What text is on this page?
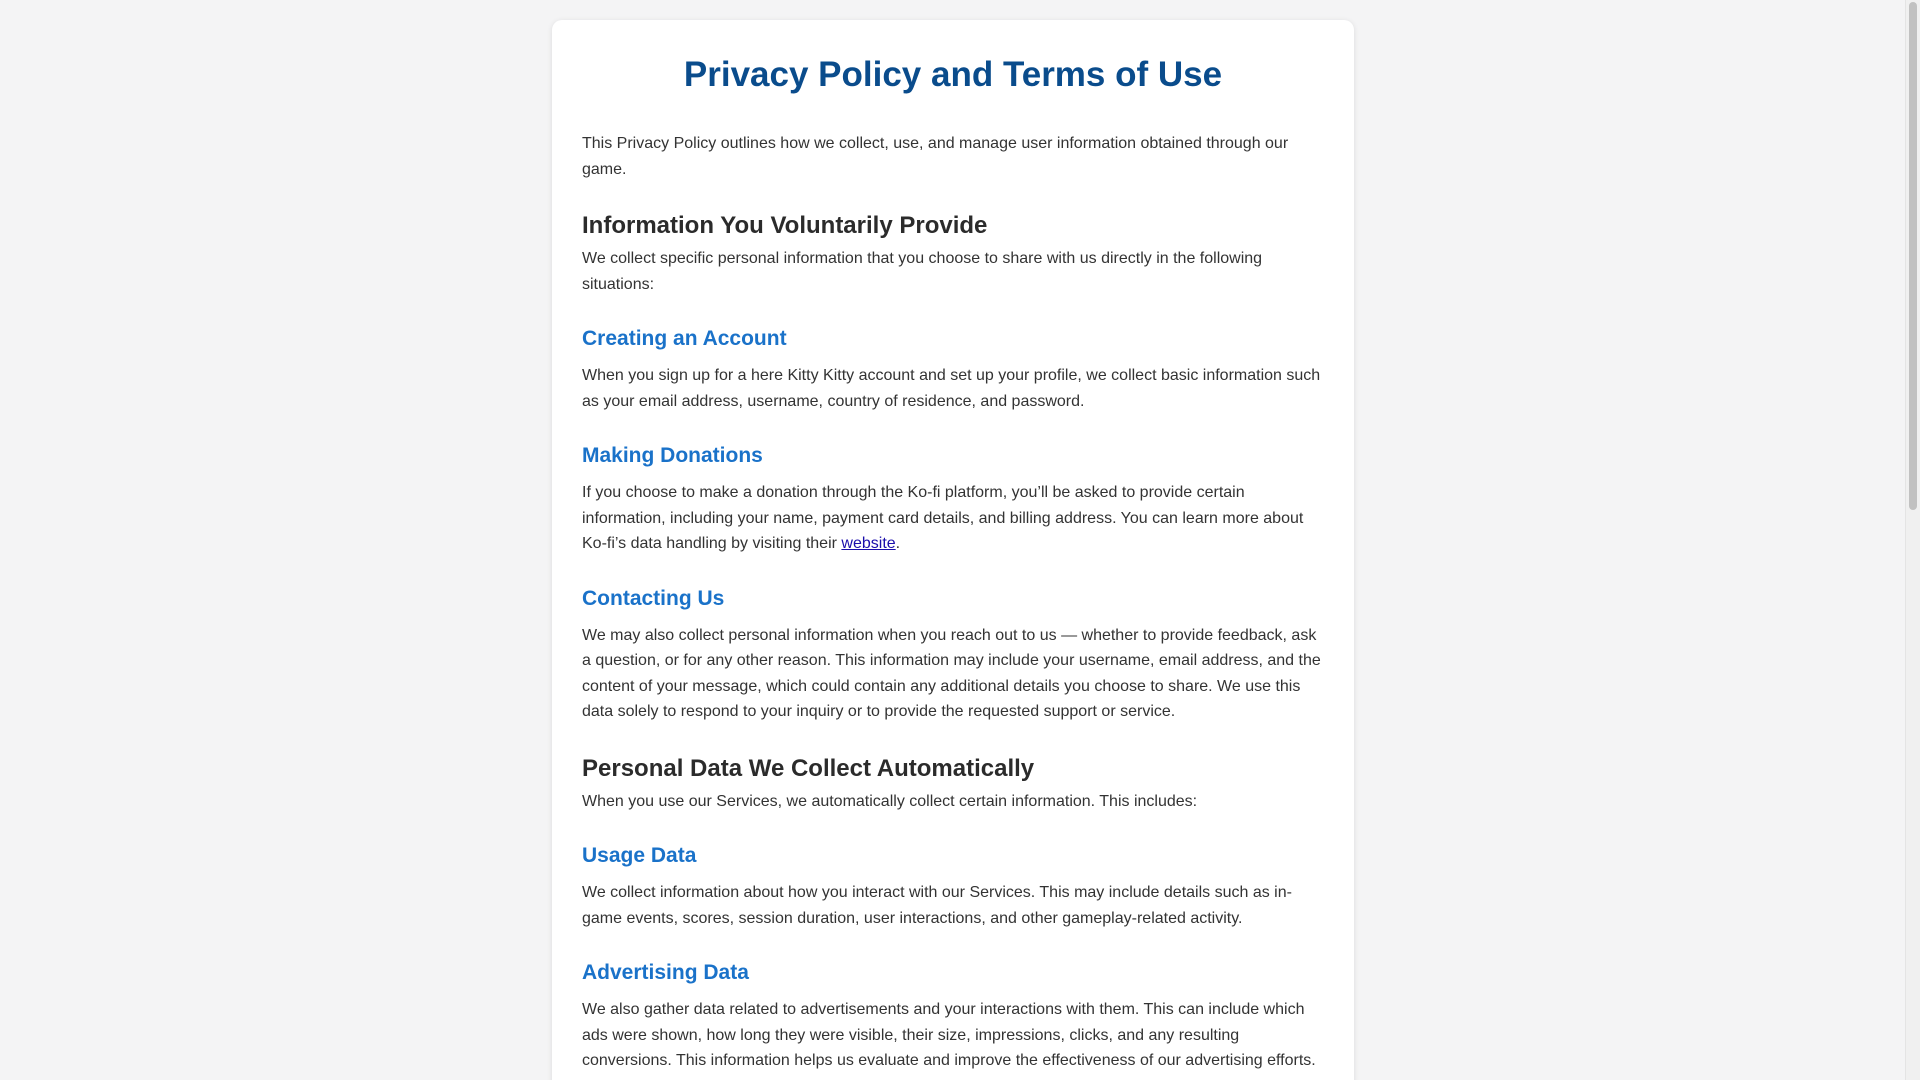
Privacy Policy and Terms of Use

This Privacy Policy outlines how we collect, use, and manage user information obtained through our game.

Information You Voluntarily Provide

We collect specific personal information that you choose to share with us directly in the following situations:

Creating an Account

When you sign up for a here Kitty Kitty account and set up your profile, we collect basic information such as your email address, username, country of residence, and password.

Making Donations

If you choose to make a donation through the Ko-fi platform, you’ll be asked to provide certain information, including your name, payment card details, and billing address. You can learn more about Ko-fi’s data handling by visiting their website.

Contacting Us

We may also collect personal information when you reach out to us — whether to provide feedback, ask a question, or for any other reason. This information may include your username, email address, and the content of your message, which could contain any additional details you choose to share. We use this data solely to respond to your inquiry or to provide the requested support or service.

Personal Data We Collect Automatically

When you use our Services, we automatically collect certain information. This includes:

Usage Data

We collect information about how you interact with our Services. This may include details such as in-game events, scores, session duration, user interactions, and other gameplay-related activity.

Advertising Data

We also gather data related to advertisements and your interactions with them. This can include which ads were shown, how long they were visible, their size, impressions, clicks, and any resulting conversions. This information helps us evaluate and improve the effectiveness of our advertising efforts.
